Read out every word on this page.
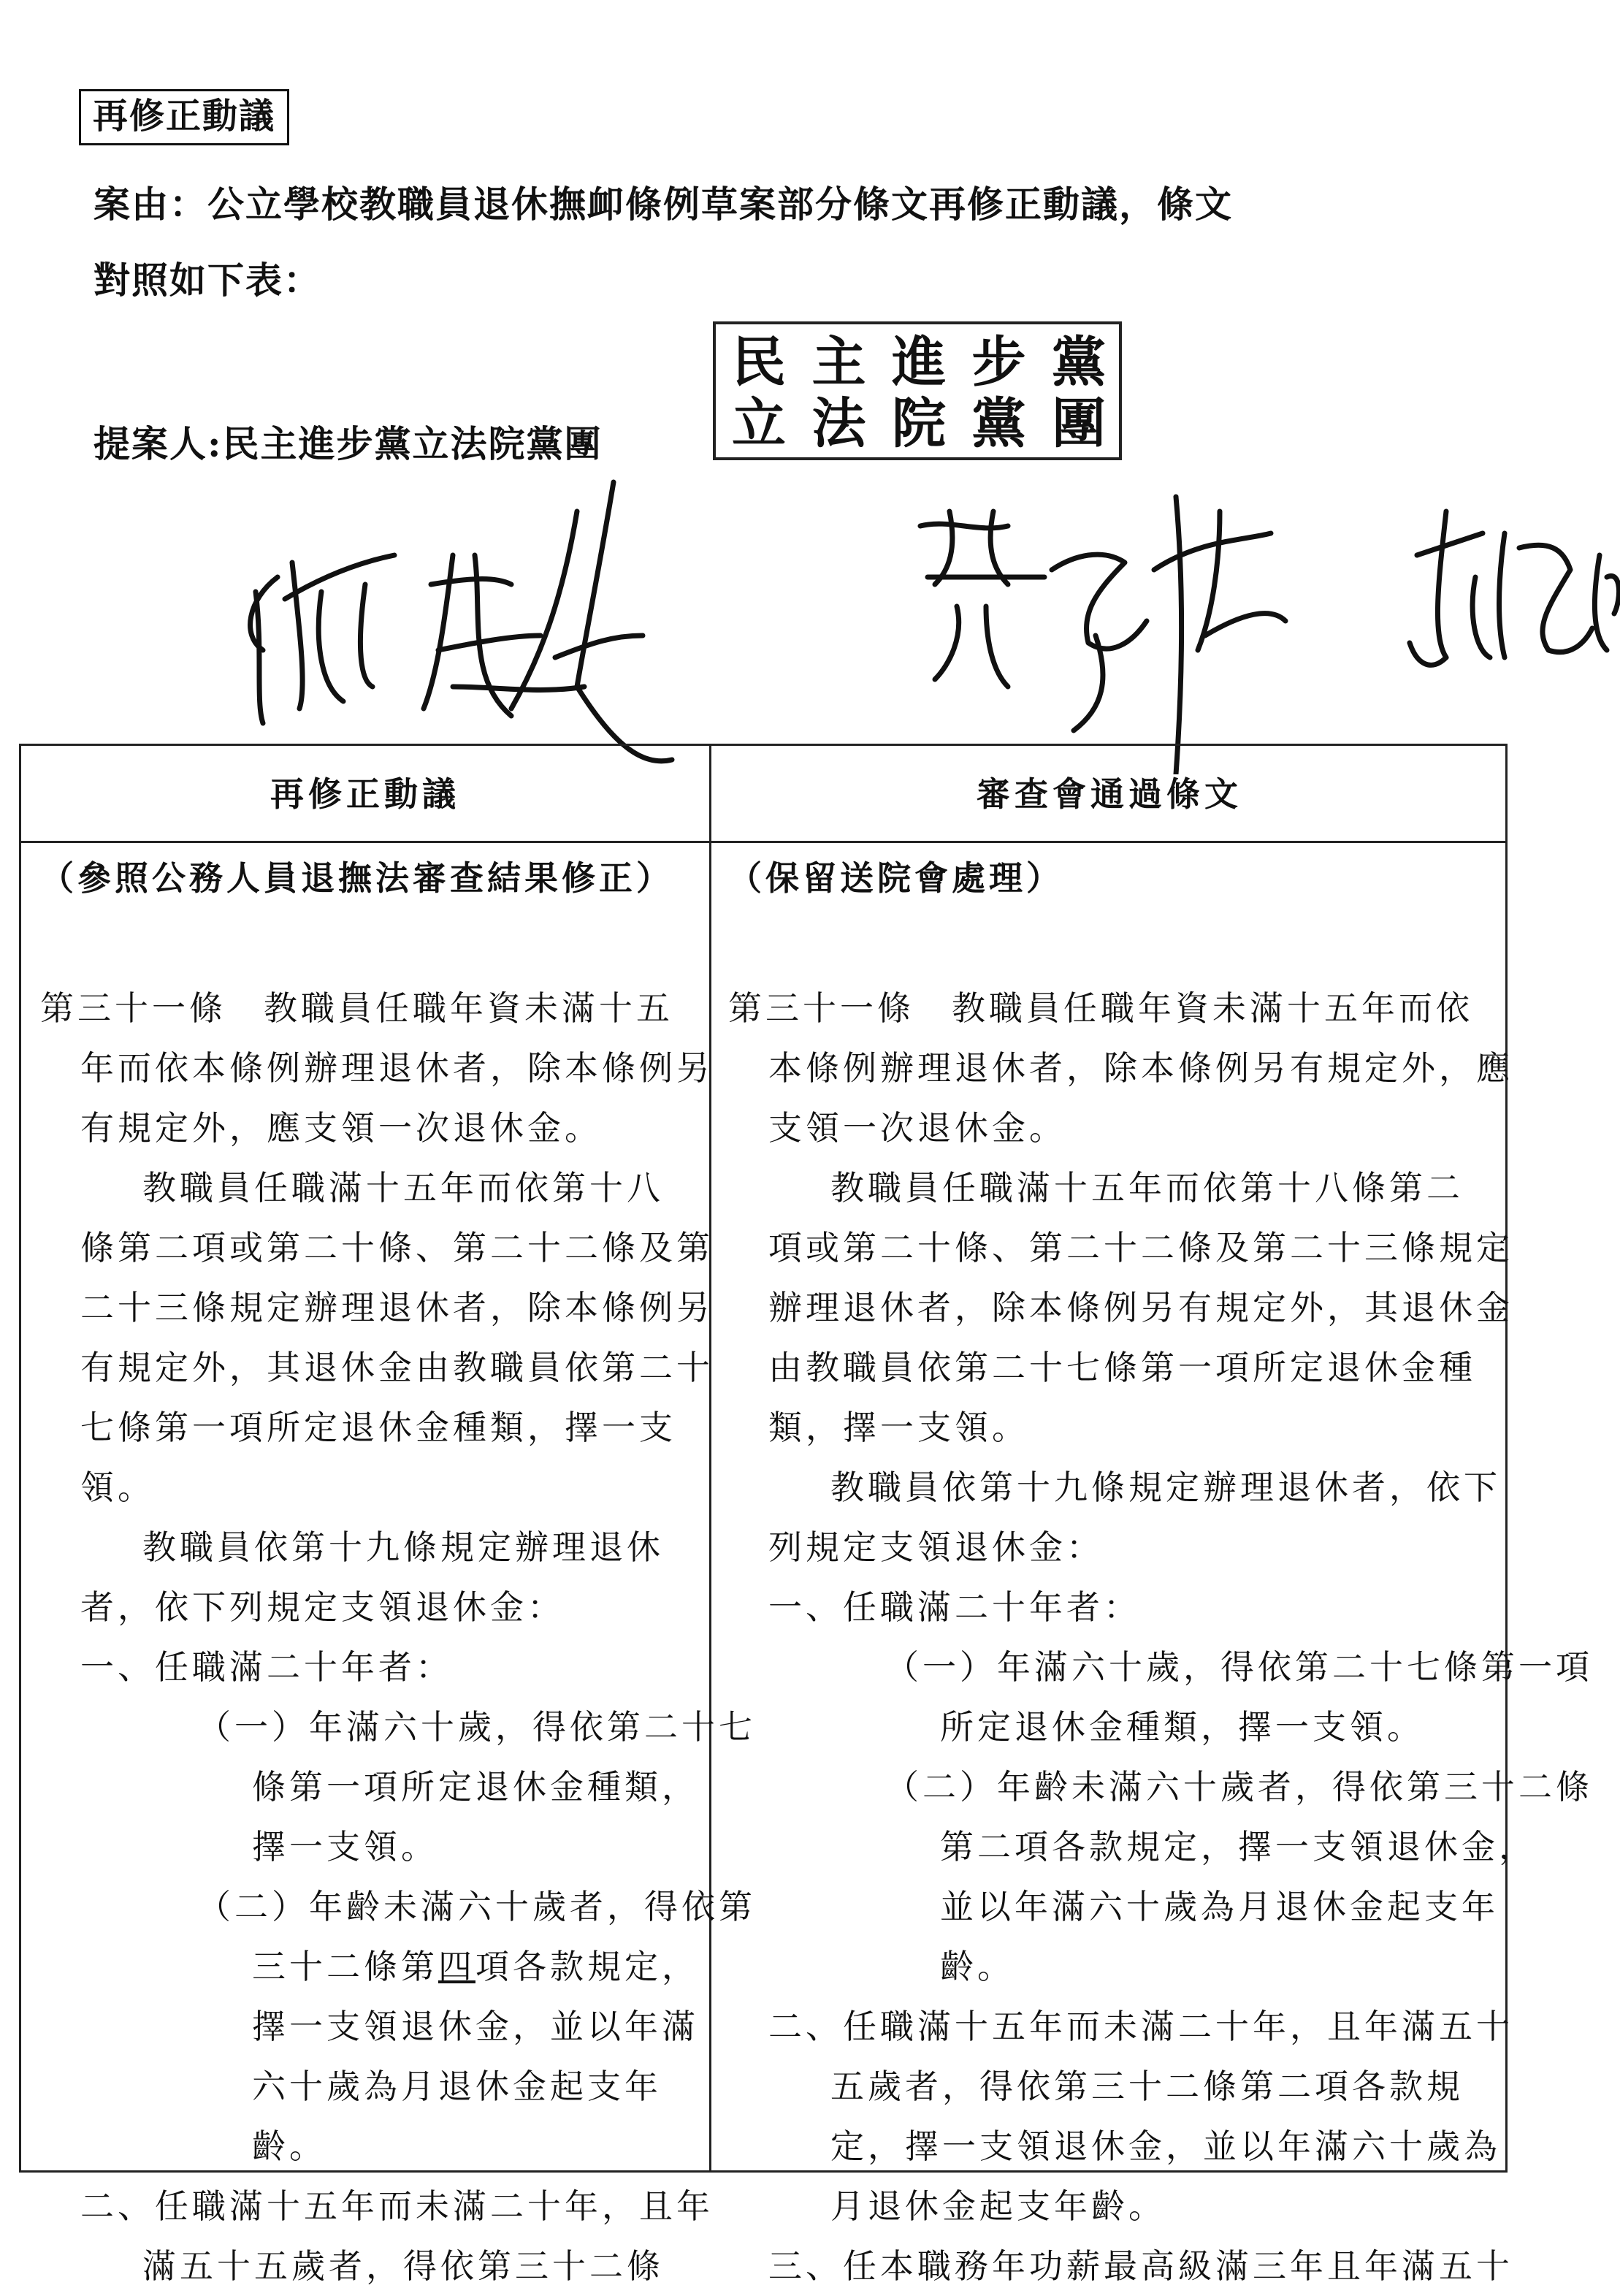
再修正動議

案由：公立學校教職員退休撫卹條例草案部分條文再修正動議，條文

對照如下表：

提案人:民主進步黨立法院黨團
民 主 進 步 黨
立 法 院 黨 團
再修正動議	審查會通過條文

（參照公務人員退撫法審查結果修正）

第三十一條　教職員任職年資未滿十五

年而依本條例辦理退休者，除本條例另

有規定外，應支領一次退休金。

教職員任職滿十五年而依第十八

條第二項或第二十條、第二十二條及第

二十三條規定辦理退休者，除本條例另

有規定外，其退休金由教職員依第二十

七條第一項所定退休金種類，擇一支

領。

教職員依第十九條規定辦理退休

者，依下列規定支領退休金：

一、任職滿二十年者：

（一）年滿六十歲，得依第二十七

條第一項所定退休金種類，

擇一支領。

（二）年齡未滿六十歲者，得依第

三十二條第四項各款規定，

擇一支領退休金，並以年滿

六十歲為月退休金起支年

齡。

二、任職滿十五年而未滿二十年，且年

滿五十五歲者，得依第三十二條

（保留送院會處理）

第三十一條　教職員任職年資未滿十五年而依

本條例辦理退休者，除本條例另有規定外，應

支領一次退休金。

教職員任職滿十五年而依第十八條第二

項或第二十條、第二十二條及第二十三條規定

辦理退休者，除本條例另有規定外，其退休金

由教職員依第二十七條第一項所定退休金種

類，擇一支領。

教職員依第十九條規定辦理退休者，依下

列規定支領退休金：

一、任職滿二十年者：

（一）年滿六十歲，得依第二十七條第一項

所定退休金種類，擇一支領。

（二）年齡未滿六十歲者，得依第三十二條

第二項各款規定，擇一支領退休金，

並以年滿六十歲為月退休金起支年

齡。

二、任職滿十五年而未滿二十年，且年滿五十

五歲者，得依第三十二條第二項各款規

定，擇一支領退休金，並以年滿六十歲為

月退休金起支年齡。

三、任本職務年功薪最高級滿三年且年滿五十
